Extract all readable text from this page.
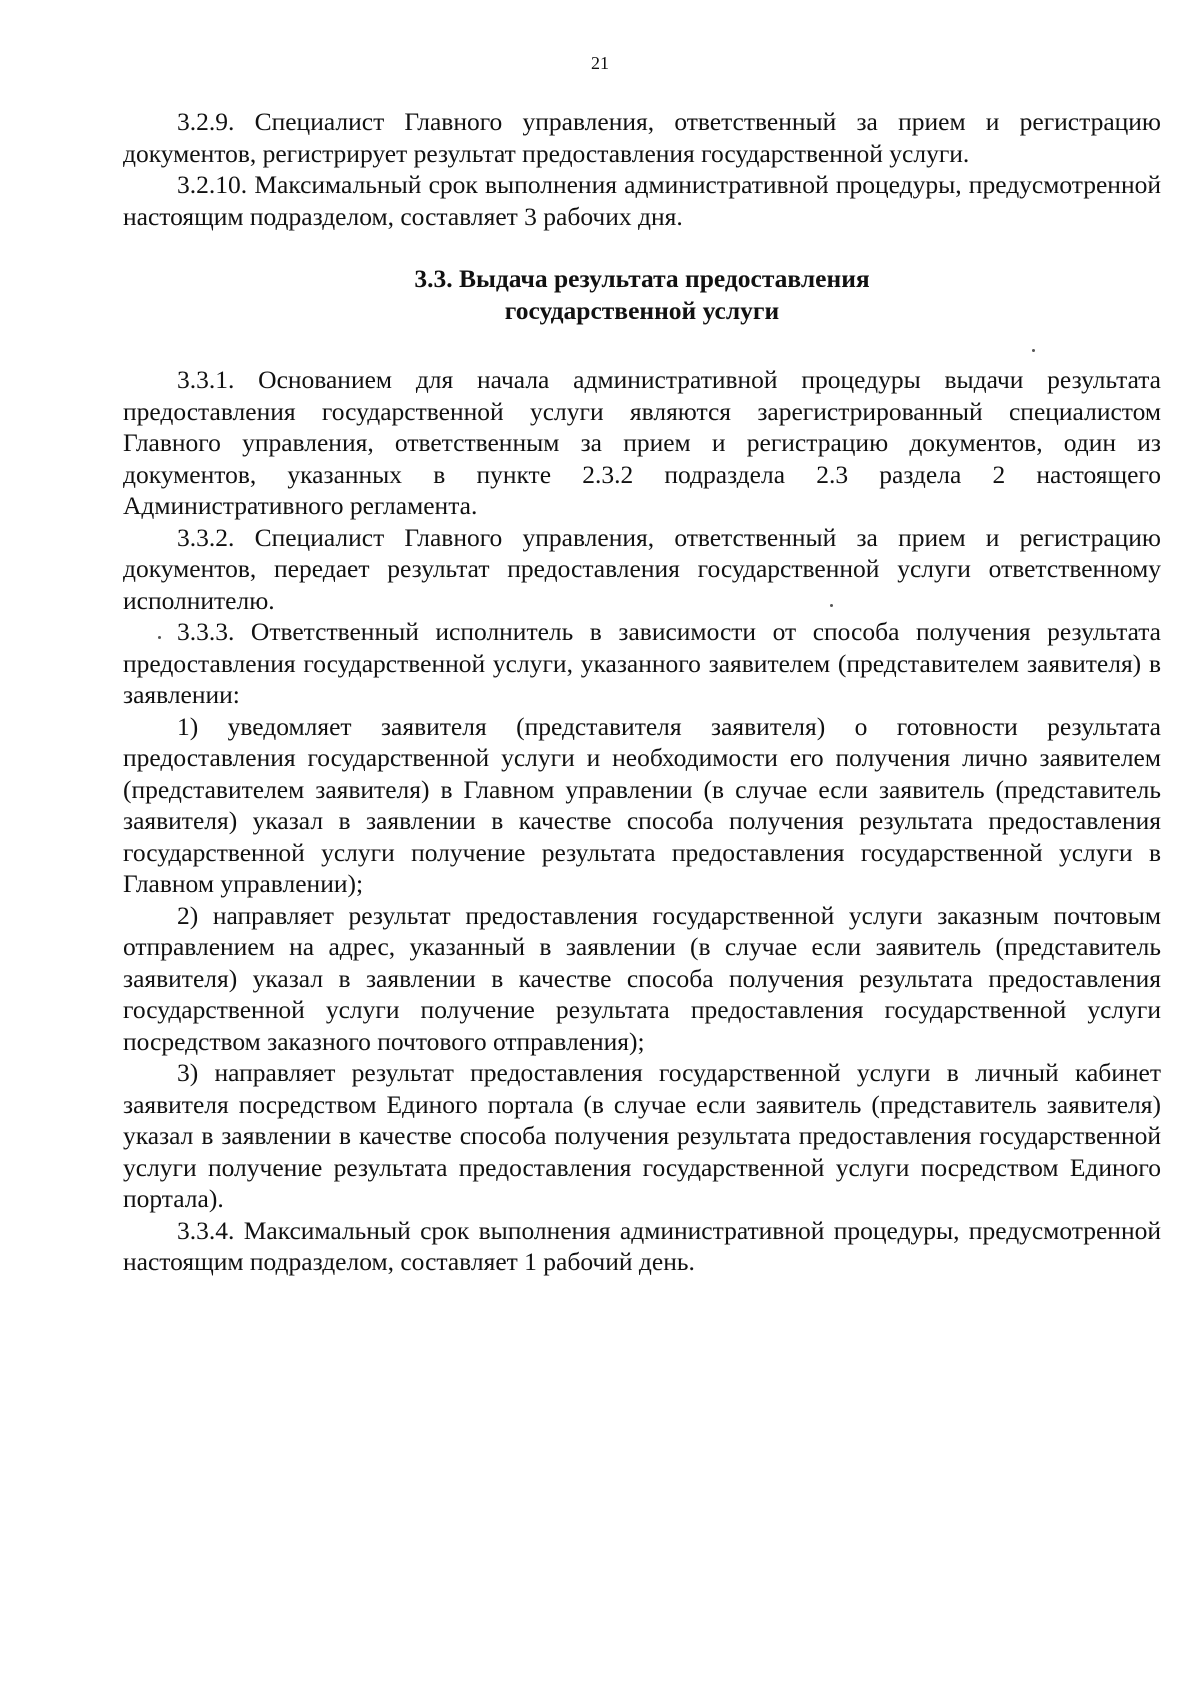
21

3.2.9. Специалист Главного управления, ответственный за прием и регистрацию документов, регистрирует результат предоставления государственной услуги.

3.2.10. Максимальный срок выполнения административной процедуры, предусмотренной настоящим подразделом, составляет 3 рабочих дня.

3.3. Выдача результата предоставления
государственной услуги

3.3.1. Основанием для начала административной процедуры выдачи результата предоставления государственной услуги являются зарегистрированный специалистом Главного управления, ответственным за прием и регистрацию документов, один из документов, указанных в пункте 2.3.2 подраздела 2.3 раздела 2 настоящего Административного регламента.

3.3.2. Специалист Главного управления, ответственный за прием и регистрацию документов, передает результат предоставления государственной услуги ответственному исполнителю.

3.3.3. Ответственный исполнитель в зависимости от способа получения результата предоставления государственной услуги, указанного заявителем (представителем заявителя) в заявлении:

1) уведомляет заявителя (представителя заявителя) о готовности результата предоставления государственной услуги и необходимости его получения лично заявителем (представителем заявителя) в Главном управлении (в случае если заявитель (представитель заявителя) указал в заявлении в качестве способа получения результата предоставления государственной услуги получение результата предоставления государственной услуги в Главном управлении);

2) направляет результат предоставления государственной услуги заказным почтовым отправлением на адрес, указанный в заявлении (в случае если заявитель (представитель заявителя) указал в заявлении в качестве способа получения результата предоставления государственной услуги получение результата предоставления государственной услуги посредством заказного почтового отправления);

3) направляет результат предоставления государственной услуги в личный кабинет заявителя посредством Единого портала (в случае если заявитель (представитель заявителя) указал в заявлении в качестве способа получения результата предоставления государственной услуги получение результата предоставления государственной услуги посредством Единого портала).

3.3.4. Максимальный срок выполнения административной процедуры, предусмотренной настоящим подразделом, составляет 1 рабочий день.
